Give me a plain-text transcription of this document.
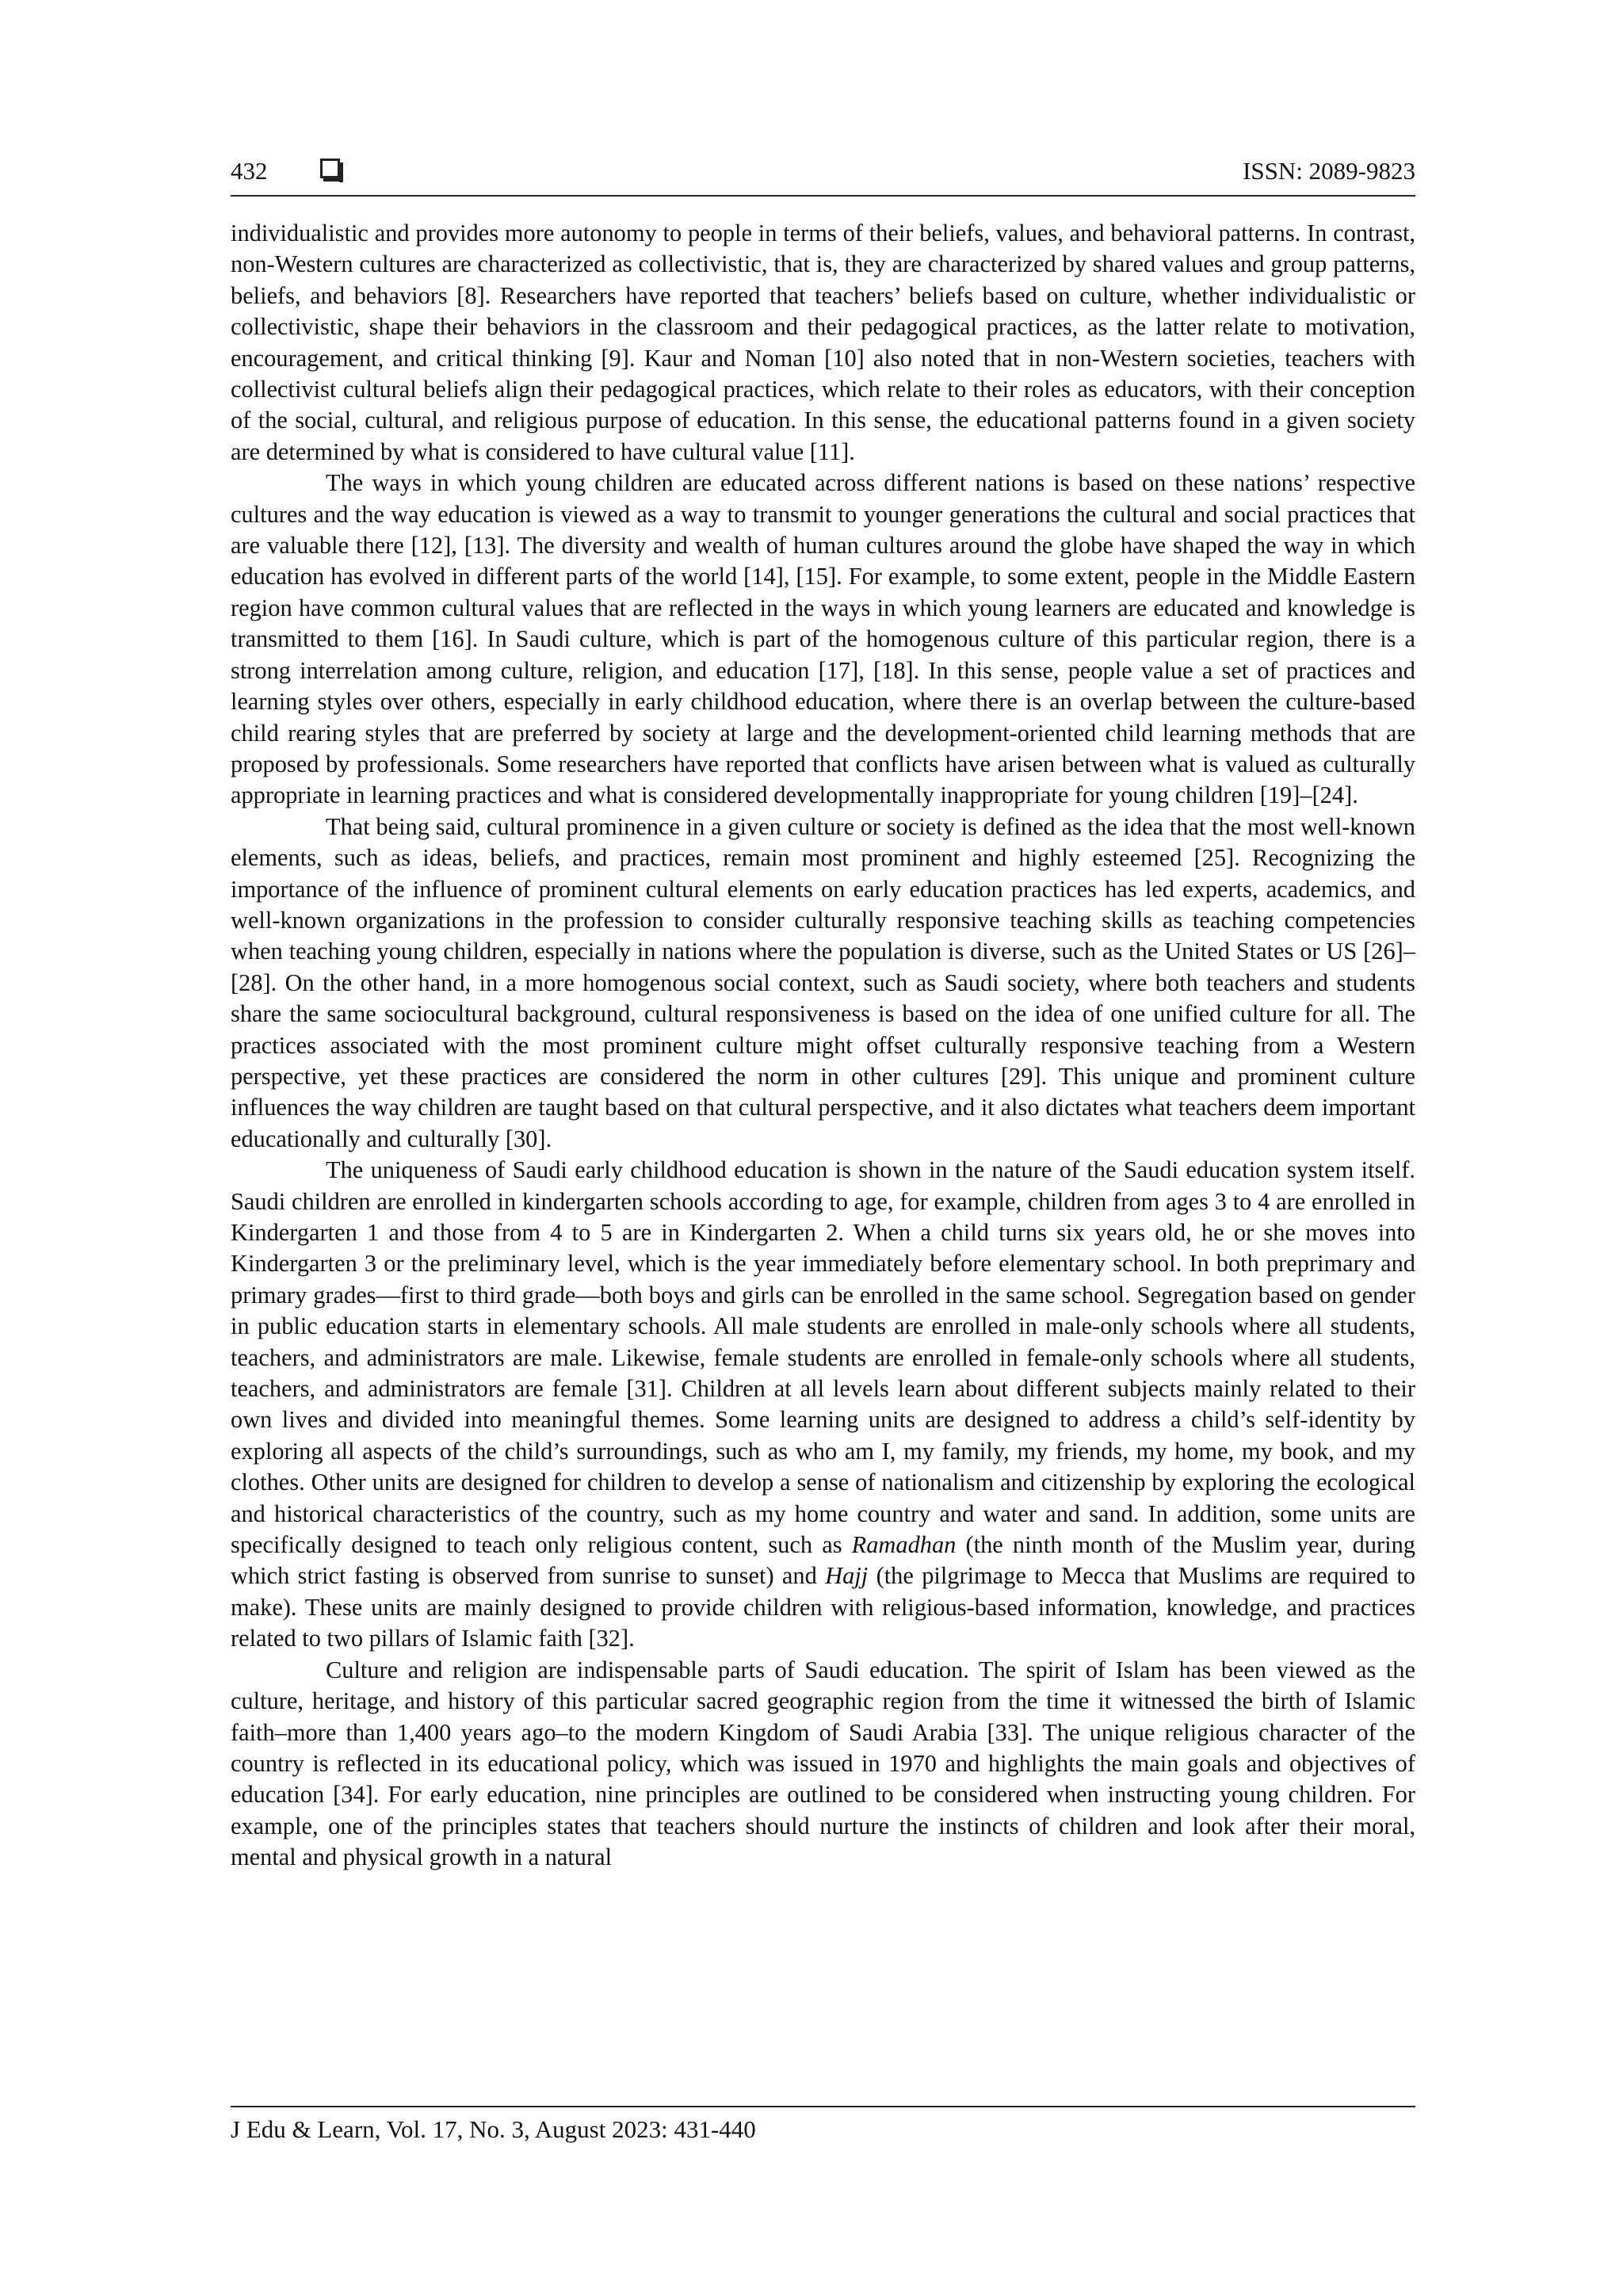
432	ISSN: 2089-9823

individualistic and provides more autonomy to people in terms of their beliefs, values, and behavioral patterns. In contrast, non-Western cultures are characterized as collectivistic, that is, they are characterized by shared values and group patterns, beliefs, and behaviors [8]. Researchers have reported that teachers’ beliefs based on culture, whether individualistic or collectivistic, shape their behaviors in the classroom and their pedagogical practices, as the latter relate to motivation, encouragement, and critical thinking [9]. Kaur and Noman [10] also noted that in non-Western societies, teachers with collectivist cultural beliefs align their pedagogical practices, which relate to their roles as educators, with their conception of the social, cultural, and religious purpose of education. In this sense, the educational patterns found in a given society are determined by what is considered to have cultural value [11].

The ways in which young children are educated across different nations is based on these nations’ respective cultures and the way education is viewed as a way to transmit to younger generations the cultural and social practices that are valuable there [12], [13]. The diversity and wealth of human cultures around the globe have shaped the way in which education has evolved in different parts of the world [14], [15]. For example, to some extent, people in the Middle Eastern region have common cultural values that are reflected in the ways in which young learners are educated and knowledge is transmitted to them [16]. In Saudi culture, which is part of the homogenous culture of this particular region, there is a strong interrelation among culture, religion, and education [17], [18]. In this sense, people value a set of practices and learning styles over others, especially in early childhood education, where there is an overlap between the culture-based child rearing styles that are preferred by society at large and the development-oriented child learning methods that are proposed by professionals. Some researchers have reported that conflicts have arisen between what is valued as culturally appropriate in learning practices and what is considered developmentally inappropriate for young children [19]–[24].

That being said, cultural prominence in a given culture or society is defined as the idea that the most well-known elements, such as ideas, beliefs, and practices, remain most prominent and highly esteemed [25]. Recognizing the importance of the influence of prominent cultural elements on early education practices has led experts, academics, and well-known organizations in the profession to consider culturally responsive teaching skills as teaching competencies when teaching young children, especially in nations where the population is diverse, such as the United States or US [26]–[28]. On the other hand, in a more homogenous social context, such as Saudi society, where both teachers and students share the same sociocultural background, cultural responsiveness is based on the idea of one unified culture for all. The practices associated with the most prominent culture might offset culturally responsive teaching from a Western perspective, yet these practices are considered the norm in other cultures [29]. This unique and prominent culture influences the way children are taught based on that cultural perspective, and it also dictates what teachers deem important educationally and culturally [30].

The uniqueness of Saudi early childhood education is shown in the nature of the Saudi education system itself. Saudi children are enrolled in kindergarten schools according to age, for example, children from ages 3 to 4 are enrolled in Kindergarten 1 and those from 4 to 5 are in Kindergarten 2. When a child turns six years old, he or she moves into Kindergarten 3 or the preliminary level, which is the year immediately before elementary school. In both preprimary and primary grades—first to third grade—both boys and girls can be enrolled in the same school. Segregation based on gender in public education starts in elementary schools. All male students are enrolled in male-only schools where all students, teachers, and administrators are male. Likewise, female students are enrolled in female-only schools where all students, teachers, and administrators are female [31]. Children at all levels learn about different subjects mainly related to their own lives and divided into meaningful themes. Some learning units are designed to address a child’s self-identity by exploring all aspects of the child’s surroundings, such as who am I, my family, my friends, my home, my book, and my clothes. Other units are designed for children to develop a sense of nationalism and citizenship by exploring the ecological and historical characteristics of the country, such as my home country and water and sand. In addition, some units are specifically designed to teach only religious content, such as Ramadhan (the ninth month of the Muslim year, during which strict fasting is observed from sunrise to sunset) and Hajj (the pilgrimage to Mecca that Muslims are required to make). These units are mainly designed to provide children with religious-based information, knowledge, and practices related to two pillars of Islamic faith [32].

Culture and religion are indispensable parts of Saudi education. The spirit of Islam has been viewed as the culture, heritage, and history of this particular sacred geographic region from the time it witnessed the birth of Islamic faith–more than 1,400 years ago–to the modern Kingdom of Saudi Arabia [33]. The unique religious character of the country is reflected in its educational policy, which was issued in 1970 and highlights the main goals and objectives of education [34]. For early education, nine principles are outlined to be considered when instructing young children. For example, one of the principles states that teachers should nurture the instincts of children and look after their moral, mental and physical growth in a natural

J Edu & Learn, Vol. 17, No. 3, August 2023: 431-440
